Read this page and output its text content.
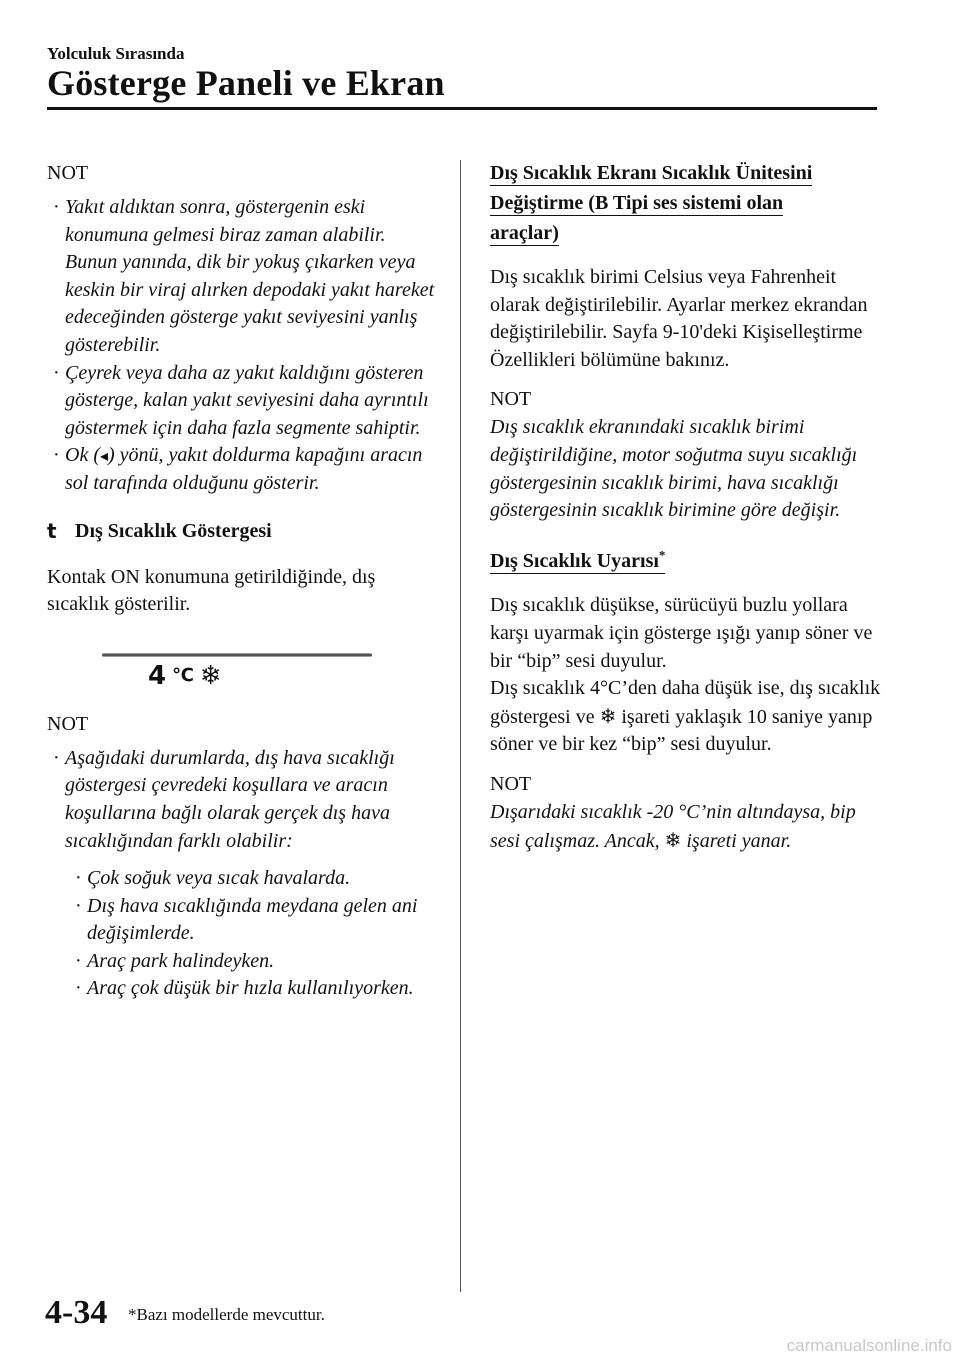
Yolculuk Sırasında
Gösterge Paneli ve Ekran
NOT
· Yakıt aldıktan sonra, göstergenin eski konumuna gelmesi biraz zaman alabilir. Bunun yanında, dik bir yokuş çıkarken veya keskin bir viraj alırken depodaki yakıt hareket edeceğinden gösterge yakıt seviyesini yanlış gösterebilir.
· Çeyrek veya daha az yakıt kaldığını gösteren gösterge, kalan yakıt seviyesini daha ayrıntılı göstermek için daha fazla segmente sahiptir.
· Ok (◂) yönü, yakıt doldurma kapağını aracın sol tarafında olduğunu gösterir.
t Dış Sıcaklık Göstergesi
Kontak ON konumuna getirildiğinde, dış sıcaklık gösterilir.
4 ℃ ❄
NOT
· Aşağıdaki durumlarda, dış hava sıcaklığı göstergesi çevredeki koşullara ve aracın koşullarına bağlı olarak gerçek dış hava sıcaklığından farklı olabilir:
· Çok soğuk veya sıcak havalarda.
· Dış hava sıcaklığında meydana gelen ani değişimlerde.
· Araç park halindeyken.
· Araç çok düşük bir hızla kullanılıyorken.
Dış Sıcaklık Ekranı Sıcaklık Ünitesini
Değiştirme (B Tipi ses sistemi olan
araçlar)
Dış sıcaklık birimi Celsius veya Fahrenheit olarak değiştirilebilir. Ayarlar merkez ekrandan değiştirilebilir. Sayfa 9-10'deki Kişiselleştirme Özellikleri bölümüne bakınız.
NOT
Dış sıcaklık ekranındaki sıcaklık birimi değiştirildiğine, motor soğutma suyu sıcaklığı göstergesinin sıcaklık birimi, hava sıcaklığı göstergesinin sıcaklık birimine göre değişir.
Dış Sıcaklık Uyarısı*
Dış sıcaklık düşükse, sürücüyü buzlu yollara karşı uyarmak için gösterge ışığı yanıp söner ve bir “bip” sesi duyulur.
Dış sıcaklık 4°C’den daha düşük ise, dış sıcaklık göstergesi ve ❄ işareti yaklaşık 10 saniye yanıp söner ve bir kez “bip” sesi duyulur.
NOT
Dışarıdaki sıcaklık -20 °C’nin altındaysa, bip sesi çalışmaz. Ancak, ❄ işareti yanar.
4-34 *Bazı modellerde mevcuttur.
carmanualsonline.info
